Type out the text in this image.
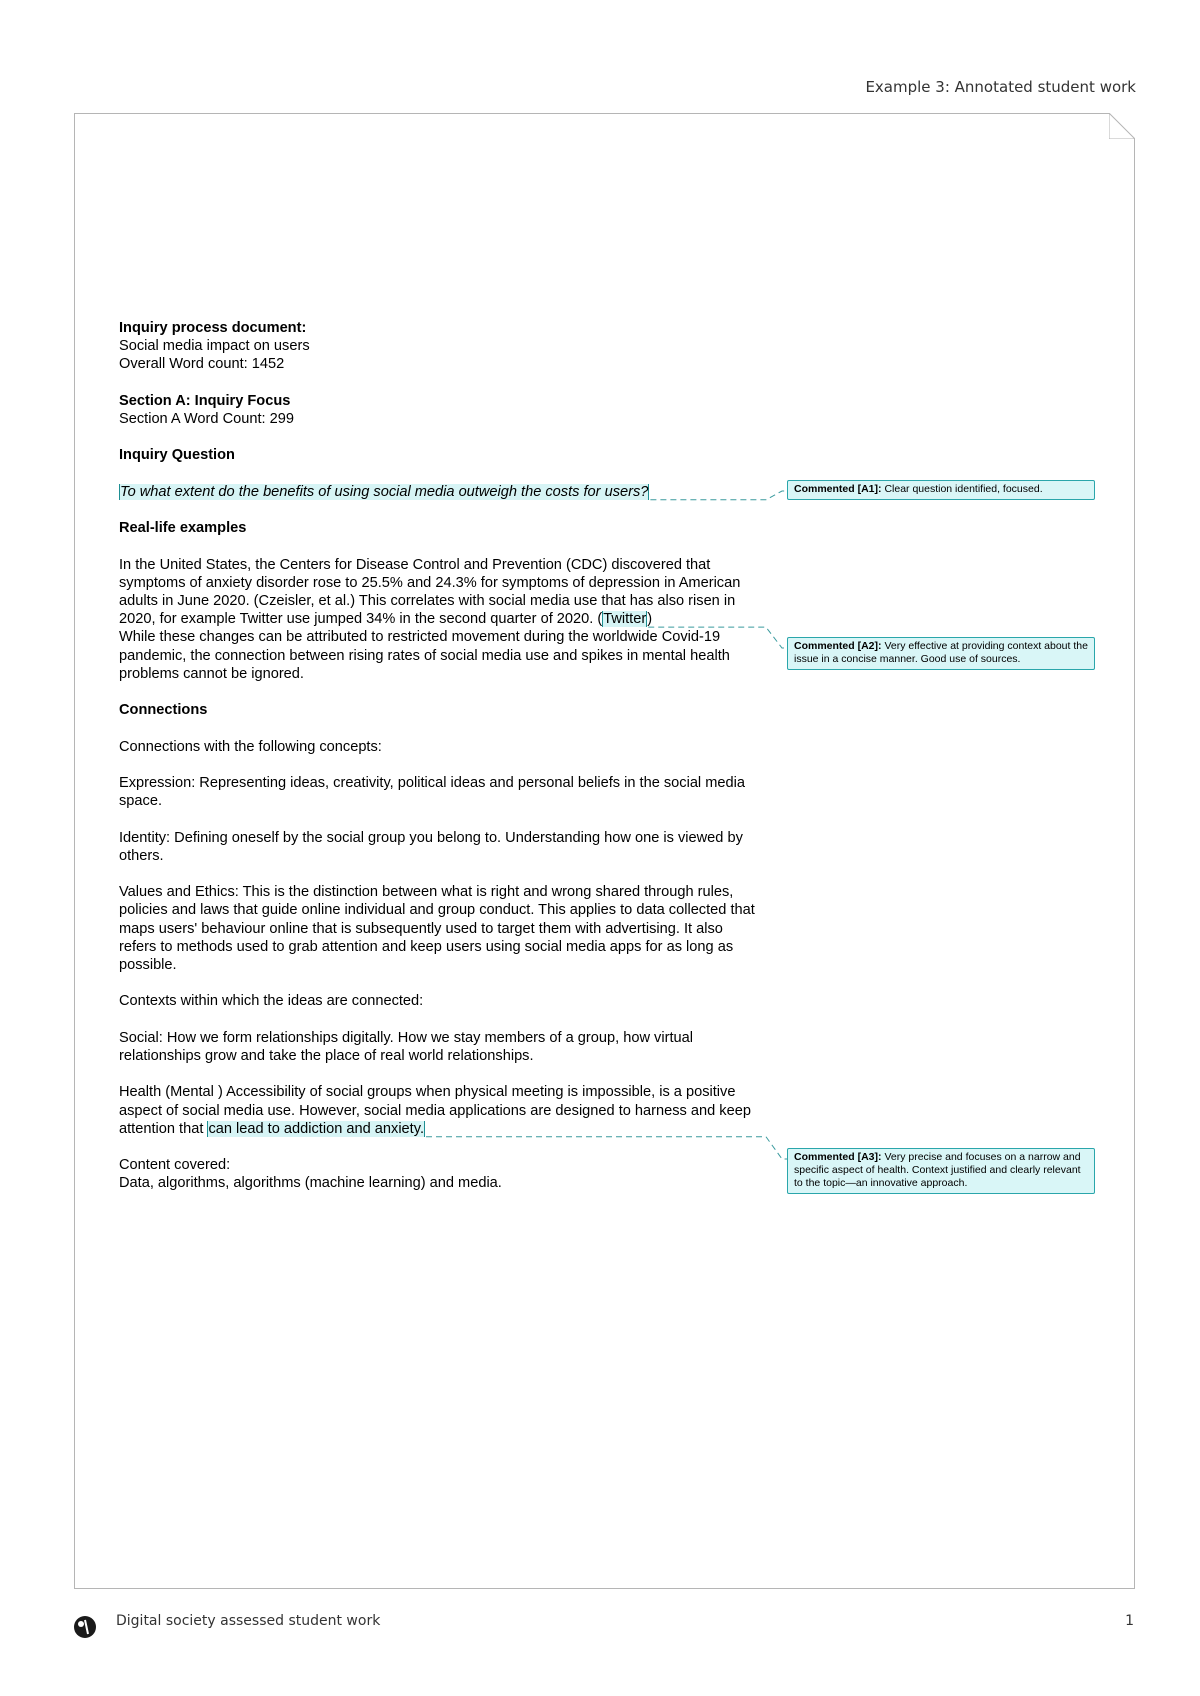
Example 3: Annotated student work

Inquiry process document:

Social media impact on users

Overall Word count: 1452

Section A: Inquiry Focus

Section A Word Count: 299

Inquiry Question

To what extent do the benefits of using social media outweigh the costs for users?

Real-life examples

In the United States, the Centers for Disease Control and Prevention (CDC) discovered that symptoms of anxiety disorder rose to 25.5% and 24.3% for symptoms of depression in American adults in June 2020. (Czeisler, et al.) This correlates with social media use that has also risen in 2020, for example Twitter use jumped 34% in the second quarter of 2020. (Twitter)

While these changes can be attributed to restricted movement during the worldwide Covid-19 pandemic, the connection between rising rates of social media use and spikes in mental health problems cannot be ignored.

Connections

Connections with the following concepts:

Expression: Representing ideas, creativity, political ideas and personal beliefs in the social media space.

Identity: Defining oneself by the social group you belong to. Understanding how one is viewed by others.

Values and Ethics: This is the distinction between what is right and wrong shared through rules, policies and laws that guide online individual and group conduct. This applies to data collected that maps users' behaviour online that is subsequently used to target them with advertising. It also refers to methods used to grab attention and keep users using social media apps for as long as possible.

Contexts within which the ideas are connected:

Social: How we form relationships digitally. How we stay members of a group, how virtual relationships grow and take the place of real world relationships.

Health (Mental ) Accessibility of social groups when physical meeting is impossible, is a positive aspect of social media use. However, social media applications are designed to harness and keep attention that can lead to addiction and anxiety.

Content covered:

Data, algorithms, algorithms (machine learning) and media.

Commented [A1]: Clear question identified, focused.
Commented [A2]: Very effective at providing context about the issue in a concise manner. Good use of sources.
Commented [A3]: Very precise and focuses on a narrow and specific aspect of health. Context justified and clearly relevant to the topic—an innovative approach.
Digital society assessed student work	1
